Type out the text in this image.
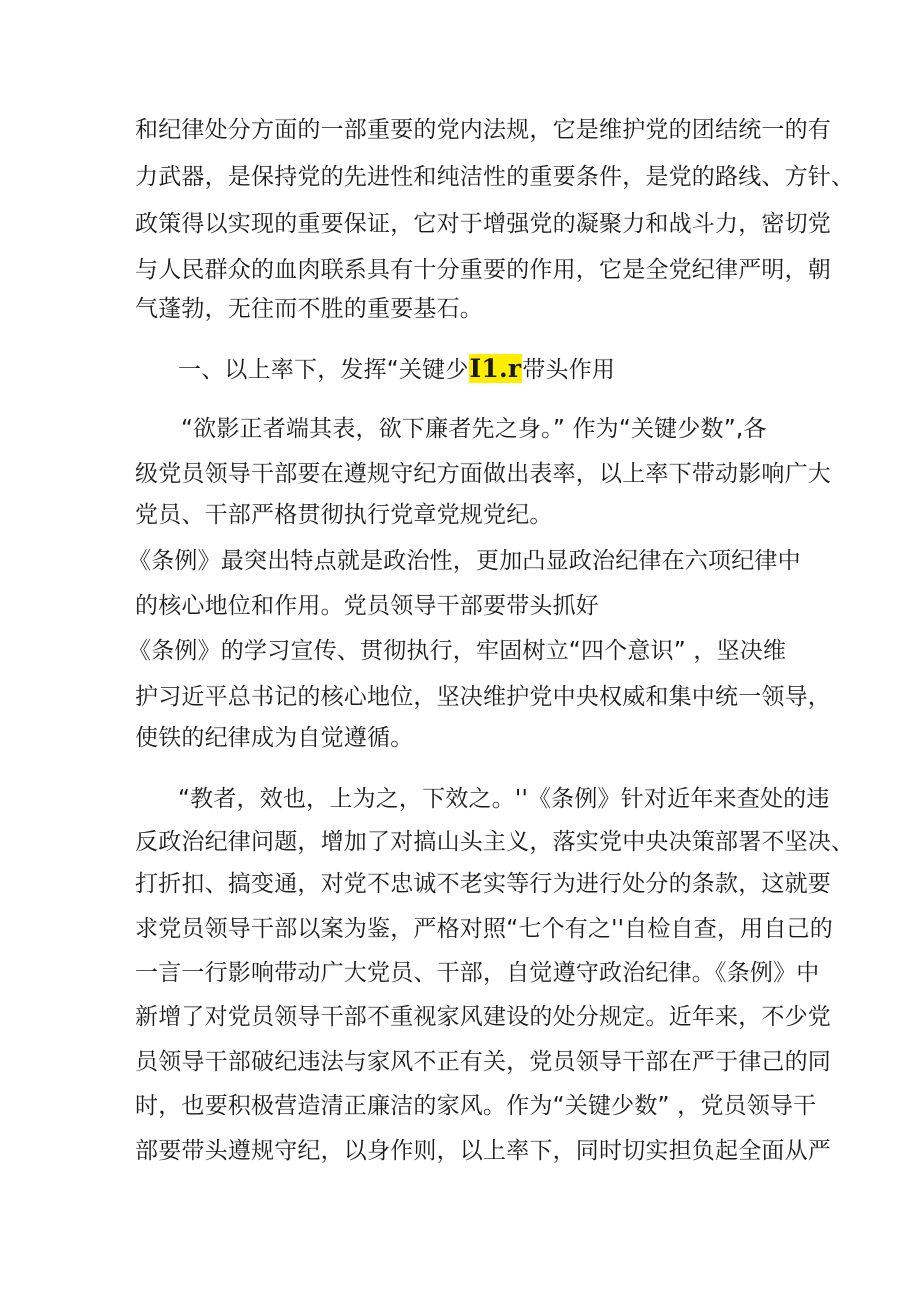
和纪律处分方面的一部重要的党内法规，它是维护党的团结统一的有
力武器，是保持党的先进性和纯洁性的重要条件，是党的路线、方针、
政策得以实现的重要保证，它对于增强党的凝聚力和战斗力，密切党
与人民群众的血肉联系具有十分重要的作用，它是全党纪律严明，朝
气蓬勃，无往而不胜的重要基石。
一、以上率下，发挥“关键少I1.r带头作用
“欲影正者端其表，欲下廉者先之身。” 作为“关键少数”,各
级党员领导干部要在遵规守纪方面做出表率，以上率下带动影响广大
党员、干部严格贯彻执行党章党规党纪。
《条例》最突出特点就是政治性，更加凸显政治纪律在六项纪律中
的核心地位和作用。党员领导干部要带头抓好
《条例》的学习宣传、贯彻执行，牢固树立“四个意识” ，坚决维
护习近平总书记的核心地位，坚决维护党中央权威和集中统一领导，
使铁的纪律成为自觉遵循。
“教者，效也，上为之，下效之。''《条例》针对近年来查处的违
反政治纪律问题，增加了对搞山头主义，落实党中央决策部署不坚决、
打折扣、搞变通，对党不忠诚不老实等行为进行处分的条款，这就要
求党员领导干部以案为鉴，严格对照“七个有之''自检自查，用自己的
一言一行影响带动广大党员、干部，自觉遵守政治纪律。《条例》中
新增了对党员领导干部不重视家风建设的处分规定。近年来，不少党
员领导干部破纪违法与家风不正有关，党员领导干部在严于律己的同
时，也要积极营造清正廉洁的家风。作为“关键少数” ，党员领导干
部要带头遵规守纪，以身作则，以上率下，同时切实担负起全面从严
